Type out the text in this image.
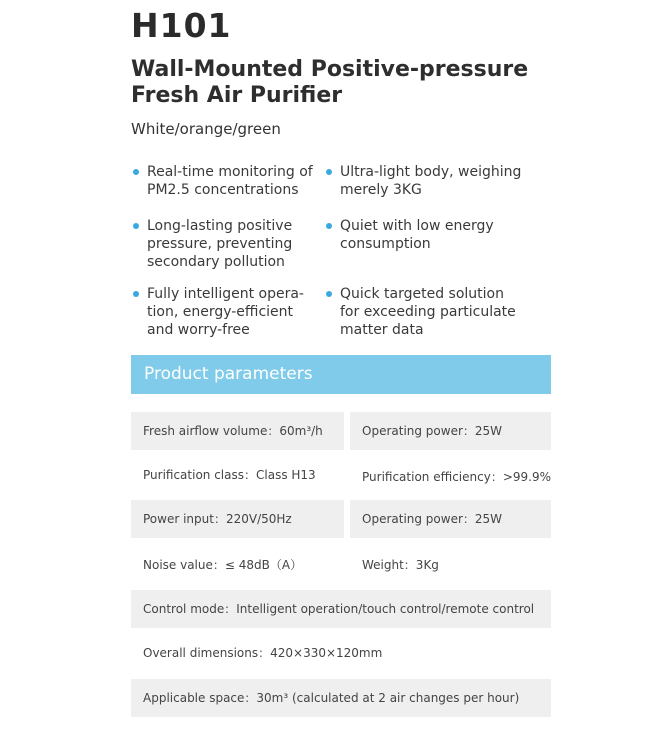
H101
Wall-Mounted Positive-pressure
Fresh Air Purifier
White/orange/green
Real-time monitoring of
PM2.5 concentrations
Long-lasting positive
pressure, preventing
secondary pollution
Fully intelligent opera-
tion, energy-efficient
and worry-free
Ultra-light body, weighing
merely 3KG
Quiet with low energy
consumption
Quick targeted solution
for exceeding particulate
matter data
Product parameters
Fresh airflow volume：60m³/h	Operating power：25W
Purification class：Class H13	Purification efficiency：>99.9%
Power input：220V/50Hz	Operating power：25W
Noise value：≤ 48dB（A）	Weight：3Kg
Control mode：Intelligent operation/touch control/remote control
Overall dimensions：420×330×120mm
Applicable space：30m³ (calculated at 2 air changes per hour)
